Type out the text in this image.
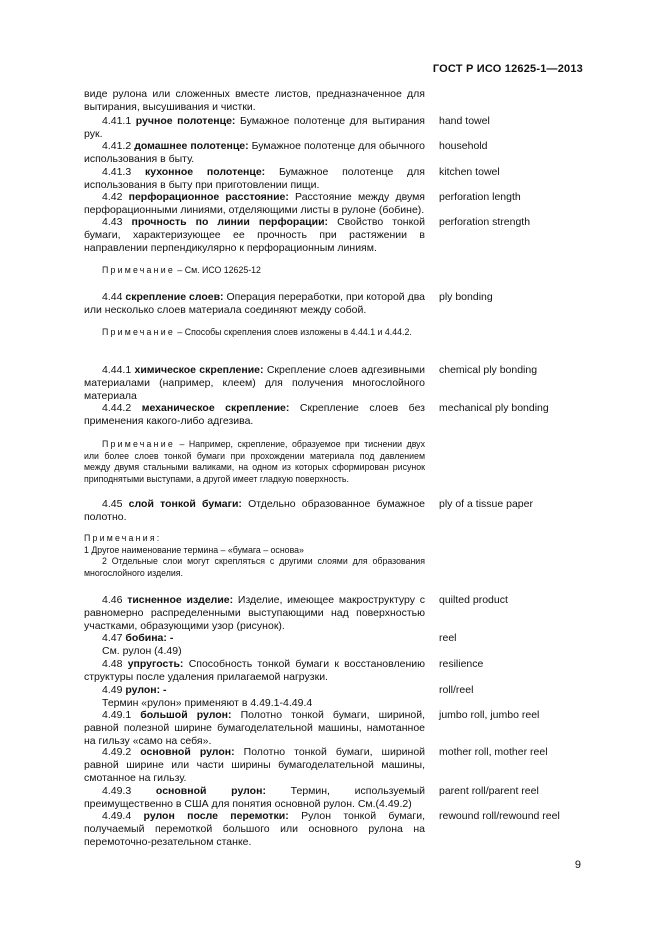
ГОСТ Р ИСО 12625-1—2013
виде рулона или сложенных вместе листов, предназначенное для вытирания, высушивания и чистки.
4.41.1 ручное полотенце: Бумажное полотенце для вытирания рук.
hand towel
4.41.2 домашнее полотенце: Бумажное полотенце для обычного использования в быту.
household
4.41.3 кухонное полотенце: Бумажное полотенце для использования в быту при приготовлении пищи.
kitchen towel
4.42 перфорационное расстояние: Расстояние между двумя перфорационными линиями, отделяющими листы в рулоне (бобине).
perforation length
4.43 прочность по линии перфорации: Свойство тонкой бумаги, характеризующее ее прочность при растяжении в направлении перпендикулярно к перфорационным линиям.
perforation strength
Примечание – См. ИСО 12625-12
4.44 скрепление слоев: Операция переработки, при которой два или несколько слоев материала соединяют между собой.
ply bonding
Примечание – Способы скрепления слоев изложены в 4.44.1 и 4.44.2.
4.44.1 химическое скрепление: Скрепление слоев адгезивными материалами (например, клеем) для получения многослойного материала
chemical ply bonding
4.44.2 механическое скрепление: Скрепление слоев без применения какого-либо адгезива.
mechanical ply bonding
Примечание – Например, скрепление, образуемое при тиснении двух или более слоев тонкой бумаги при прохождении материала под давлением между двумя стальными валиками, на одном из которых сформирован рисунок приподнятыми выступами, а другой имеет гладкую поверхность.
4.45 слой тонкой бумаги: Отдельно образованное бумажное полотно.
ply of a tissue paper
Примечания:
1 Другое наименование термина – «бумага – основа»
2 Отдельные слои могут скрепляться с другими слоями для образования многослойного изделия.
4.46 тисненное изделие: Изделие, имеющее макроструктуру с равномерно распределенными выступающими над поверхностью участками, образующими узор (рисунок).
quilted product
4.47 бобина: -
См. рулон (4.49)
reel
4.48 упругость: Способность тонкой бумаги к восстановлению структуры после удаления прилагаемой нагрузки.
resilience
4.49 рулон: -
Термин «рулон» применяют в 4.49.1-4.49.4
roll/reel
4.49.1 большой рулон: Полотно тонкой бумаги, шириной, равной полезной ширине бумагоделательной машины, намотанное на гильзу «само на себя».
jumbo roll, jumbo reel
4.49.2 основной рулон: Полотно тонкой бумаги, шириной равной ширине или части ширины бумагоделательной машины, смотанное на гильзу.
mother roll, mother reel
4.49.3 основной рулон: Термин, используемый преимущественно в США для понятия основной рулон. См.(4.49.2)
parent roll/parent reel
4.49.4 рулон после перемотки: Рулон тонкой бумаги, получаемый перемоткой большого или основного рулона на перемоточно-резательном станке.
rewound roll/rewound reel
9
